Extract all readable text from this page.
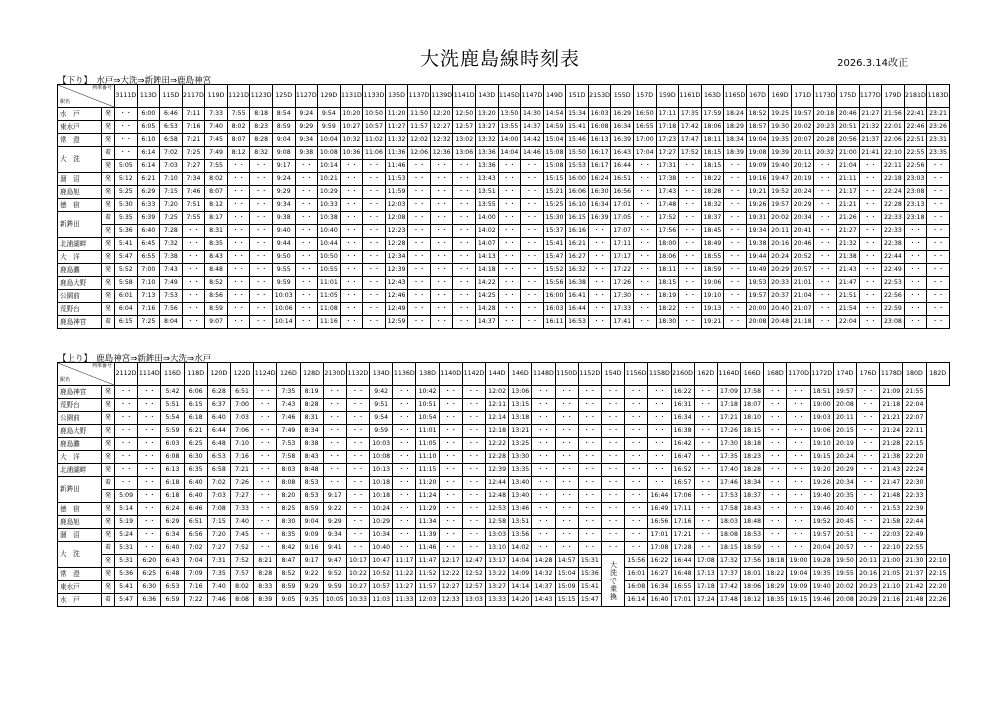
大洗鹿島線時刻表	2026.3.14改正
【下り】　水戸⇒大洗⇒新鉾田⇒鹿島神宮
列車番号
駅名		3111D	113D	115D	2117D	119D	1121D	1123D	125D	1127D	129D	1131D	1133D	135D	1137D	1139D	1141D	143D	1145D	1147D	149D	151D	2153D	155D	157D	159D	1161D	163D	1165D	167D	169D	171D	1173D	175D	1177D	179D	2181D	1183D
水　戸	発	・・	6:00	6:46	7:11	7:33	7:55	8:18	8:54	9:24	9:54	10:20	10:50	11:20	11:50	12:20	12:50	13:20	13:50	14:30	14:54	15:34	16:03	16:29	16:50	17:11	17:35	17:59	18:24	18:52	19:25	19:57	20:18	20:46	21:27	21:56	22:41	23:21
東水戸	発	・・	6:05	6:53	7:16	7:40	8:02	8:23	8:59	9:29	9:59	10:27	10:57	11:27	11:57	12:27	12:57	13:27	13:55	14:37	14:59	15:41	16:08	16:34	16:55	17:18	17:42	18:06	18:29	18:57	19:30	20:02	20:23	20:51	21:32	22:01	22:46	23:26
常　澄	発	・・	6:10	6:58	7:21	7:45	8:07	8:28	9:04	9:34	10:04	10:32	11:02	11:32	12:02	12:32	13:02	13:32	14:00	14:42	15:04	15:46	16:13	16:39	17:00	17:23	17:47	18:11	18:34	19:04	19:35	20:07	20:28	20:56	21:37	22:06	22:51	23:31
大　洗	着	・・	6:14	7:02	7:25	7:49	8:12	8:32	9:08	9:38	10:08	10:36	11:06	11:36	12:06	12:36	13:06	13:36	14:04	14:46	15:08	15:50	16:17	16:43	17:04	17:27	17:52	18:15	18:39	19:08	19:39	20:11	20:32	21:00	21:41	22:10	22:55	23:35
	発	5:05	6:14	7:03	7:27	7:55	・・	・・	9:17	・・	10:14	・・	・・	11:46	・・	・・	・・	13:36	・・	・・	15:08	15:53	16:17	16:44	・・	17:31	・・	18:15	・・	19:09	19:40	20:12	・・	21:04	・・	22:11	22:56	・・
涸　沼	発	5:12	6:21	7:10	7:34	8:02	・・	・・	9:24	・・	10:21	・・	・・	11:53	・・	・・	・・	13:43	・・	・・	15:15	16:00	16:24	16:51	・・	17:38	・・	18:22	・・	19:16	19:47	20:19	・・	21:11	・・	22:18	23:03	・・
鹿島旭	発	5:25	6:29	7:15	7:46	8:07	・・	・・	9:29	・・	10:29	・・	・・	11:59	・・	・・	・・	13:51	・・	・・	15:21	16:06	16:30	16:56	・・	17:43	・・	18:28	・・	19:21	19:52	20:24	・・	21:17	・・	22:24	23:08	・・
徳　宿	発	5:30	6:33	7:20	7:51	8:12	・・	・・	9:34	・・	10:33	・・	・・	12:03	・・	・・	・・	13:55	・・	・・	15:25	16:10	16:34	17:01	・・	17:48	・・	18:32	・・	19:26	19:57	20:29	・・	21:21	・・	22:28	23:13	・・
新鉾田	着	5:35	6:39	7:25	7:55	8:17	・・	・・	9:38	・・	10:38	・・	・・	12:08	・・	・・	・・	14:00	・・	・・	15:30	16:15	16:39	17:05	・・	17:52	・・	18:37	・・	19:31	20:02	20:34	・・	21:26	・・	22:33	23:18	・・
	発	5:36	6:40	7:28	・・	8:31	・・	・・	9:40	・・	10:40	・・	・・	12:23	・・	・・	・・	14:02	・・	・・	15:37	16:16	・・	17:07	・・	17:56	・・	18:45	・・	19:34	20:11	20:41	・・	21:27	・・	22:33	・・	・・
北浦湖畔	発	5:41	6:45	7:32	・・	8:35	・・	・・	9:44	・・	10:44	・・	・・	12:28	・・	・・	・・	14:07	・・	・・	15:41	16:21	・・	17:11	・・	18:00	・・	18:49	・・	19:38	20:16	20:46	・・	21:32	・・	22:38	・・	・・
大　洋	発	5:47	6:55	7:38	・・	8:43	・・	・・	9:50	・・	10:50	・・	・・	12:34	・・	・・	・・	14:13	・・	・・	15:47	16:27	・・	17:17	・・	18:06	・・	18:55	・・	19:44	20:24	20:52	・・	21:38	・・	22:44	・・	・・
鹿島灘	発	5:52	7:00	7:43	・・	8:48	・・	・・	9:55	・・	10:55	・・	・・	12:39	・・	・・	・・	14:18	・・	・・	15:52	16:32	・・	17:22	・・	18:11	・・	18:59	・・	19:49	20:29	20:57	・・	21:43	・・	22:49	・・	・・
鹿島大野	発	5:58	7:10	7:49	・・	8:52	・・	・・	9:59	・・	11:01	・・	・・	12:43	・・	・・	・・	14:22	・・	・・	15:56	16:38	・・	17:26	・・	18:15	・・	19:06	・・	19:53	20:33	21:01	・・	21:47	・・	22:53	・・	・・
公園前	発	6:01	7:13	7:53	・・	8:56	・・	・・	10:03	・・	11:05	・・	・・	12:46	・・	・・	・・	14:25	・・	・・	16:00	16:41	・・	17:30	・・	18:19	・・	19:10	・・	19:57	20:37	21:04	・・	21:51	・・	22:56	・・	・・
荒野台	発	6:04	7:16	7:56	・・	8:59	・・	・・	10:06	・・	11:08	・・	・・	12:49	・・	・・	・・	14:28	・・	・・	16:03	16:44	・・	17:33	・・	18:22	・・	19:13	・・	20:00	20:40	21:07	・・	21:54	・・	22:59	・・	・・
鹿島神宮	着	6:15	7:25	8:04	・・	9:07	・・	・・	10:14	・・	11:16	・・	・・	12:59	・・	・・	・・	14:37	・・	・・	16:11	16:53	・・	17:41	・・	18:30	・・	19:21	・・	20:08	20:48	21:18	・・	22:04	・・	23:08	・・	・・
【上り】　鹿島神宮⇒新鉾田⇒大洗⇒水戸
列車番号
駅名		2112D	1114D	116D	118D	120D	122D	1124D	126D	128D	2130D	1132D	134D	1136D	138D	1140D	1142D	144D	146D	1148D	1150D	1152D	154D	1156D	1158D	2160D	162D	1164D	166D	168D	1170D	1172D	174D	176D	1178D	180D	182D	
鹿島神宮	発	・・	・・	5:42	6:06	6:28	6:51	・・	7:35	8:19	・・	・・	9:42	・・	10:42	・・	・・	12:02	13:06	・・	・・	・・	・・	・・	・・	16:22	・・	17:09	17:58	・・	・・	18:51	19:57	・・	21:09	21:55		
荒野台	発	・・	・・	5:51	6:15	6:37	7:00	・・	7:43	8:28	・・	・・	9:51	・・	10:51	・・	・・	12:11	13:15	・・	・・	・・	・・	・・	・・	16:31	・・	17:18	18:07	・・	・・	19:00	20:08	・・	21:18	22:04		
公園前	発	・・	・・	5:54	6:18	6:40	7:03	・・	7:46	8:31	・・	・・	9:54	・・	10:54	・・	・・	12:14	13:18	・・	・・	・・	・・	・・	・・	16:34	・・	17:21	18:10	・・	・・	19:03	20:11	・・	21:21	22:07		
鹿島大野	発	・・	・・	5:59	6:21	6:44	7:06	・・	7:49	8:34	・・	・・	9:59	・・	11:01	・・	・・	12:18	13:21	・・	・・	・・	・・	・・	・・	16:38	・・	17:26	18:15	・・	・・	19:06	20:15	・・	21:24	22:11		
鹿島灘	発	・・	・・	6:03	6:25	6:48	7:10	・・	7:53	8:38	・・	・・	10:03	・・	11:05	・・	・・	12:22	13:25	・・	・・	・・	・・	・・	・・	16:42	・・	17:30	18:18	・・	・・	19:10	20:19	・・	21:28	22:15		
大　洋	発	・・	・・	6:08	6:30	6:53	7:16	・・	7:58	8:43	・・	・・	10:08	・・	11:10	・・	・・	12:28	13:30	・・	・・	・・	・・	・・	・・	16:47	・・	17:35	18:23	・・	・・	19:15	20:24	・・	21:38	22:20		
北浦湖畔	発	・・	・・	6:13	6:35	6:58	7:21	・・	8:03	8:48	・・	・・	10:13	・・	11:15	・・	・・	12:39	13:35	・・	・・	・・	・・	・・	・・	16:52	・・	17:40	18:28	・・	・・	19:20	20:29	・・	21:43	22:24		
新鉾田	着	・・	・・	6:18	6:40	7:02	7:26	・・	8:08	8:53	・・	・・	10:18	・・	11:20	・・	・・	12:44	13:40	・・	・・	・・	・・	・・	・・	16:57	・・	17:46	18:34	・・	・・	19:26	20:34	・・	21:47	22:30		
	発	5:09	・・	6:18	6:40	7:03	7:27	・・	8:20	8:53	9:17	・・	10:18	・・	11:24	・・	・・	12:48	13:40	・・	・・	・・	・・	・・	16:44	17:06	・・	17:53	18:37	・・	・・	19:40	20:35	・・	21:48	22:33		
徳　宿	発	5:14	・・	6:24	6:46	7:08	7:33	・・	8:25	8:59	9:22	・・	10:24	・・	11:29	・・	・・	12:53	13:46	・・	・・	・・	・・	・・	16:49	17:11	・・	17:58	18:43	・・	・・	19:46	20:40	・・	21:53	22:39		
鹿島旭	発	5:19	・・	6:29	6:51	7:15	7:40	・・	8:30	9:04	9:29	・・	10:29	・・	11:34	・・	・・	12:58	13:51	・・	・・	・・	・・	・・	16:56	17:16	・・	18:03	18:48	・・	・・	19:52	20:45	・・	21:58	22:44		
涸　沼	発	5:24	・・	6:34	6:56	7:20	7:45	・・	8:35	9:09	9:34	・・	10:34	・・	11:39	・・	・・	13:03	13:56	・・	・・	・・	・・	・・	17:01	17:21	・・	18:08	18:53	・・	・・	19:57	20:51	・・	22:03	22:49		
大　洗	着	5:31	・・	6:40	7:02	7:27	7:52	・・	8:42	9:16	9:41	・・	10:40	・・	11:46	・・	・・	13:10	14:02	・・	・・	・・	・・	・・	17:08	17:28	・・	18:15	18:59	・・	・・	20:04	20:57	・・	22:10	22:55		
	発	5:31	6:20	6:43	7:04	7:31	7:52	8:21	8:47	9:17	9:47	10:17	10:47	11:17	11:47	12:17	12:47	13:17	14:04	14:28	14:57	15:31	大洗で乗換	15:56	16:22	16:44	17:08	17:32	17:56	18:18	19:00	19:28	19:50	20:11	21:00	21:30	22:10	
常　澄	発	5:36	6:25	6:48	7:09	7:35	7:57	8:28	8:52	9:22	9:52	10:22	10:52	11:22	11:52	12:22	12:52	13:22	14:09	14:32	15:04	15:36		16:01	16:27	16:48	17:13	17:37	18:01	18:22	19:04	19:35	19:55	20:16	21:05	21:37	22:15	
東水戸	発	5:41	6:30	6:53	7:16	7:40	8:02	8:33	8:59	9:29	9:59	10:27	10:57	11:27	11:57	12:27	12:57	13:27	14:14	14:37	15:09	15:41		16:08	16:34	16:55	17:18	17:42	18:06	18:29	19:09	19:40	20:02	20:23	21:10	21:42	22:20	
水　戸	着	5:47	6:36	6:59	7:22	7:46	8:08	8:39	9:05	9:35	10:05	10:33	11:03	11:33	12:03	12:33	13:03	13:33	14:20	14:43	15:15	15:47		16:14	16:40	17:01	17:24	17:48	18:12	18:35	19:15	19:46	20:08	20:29	21:16	21:48	22:26	
